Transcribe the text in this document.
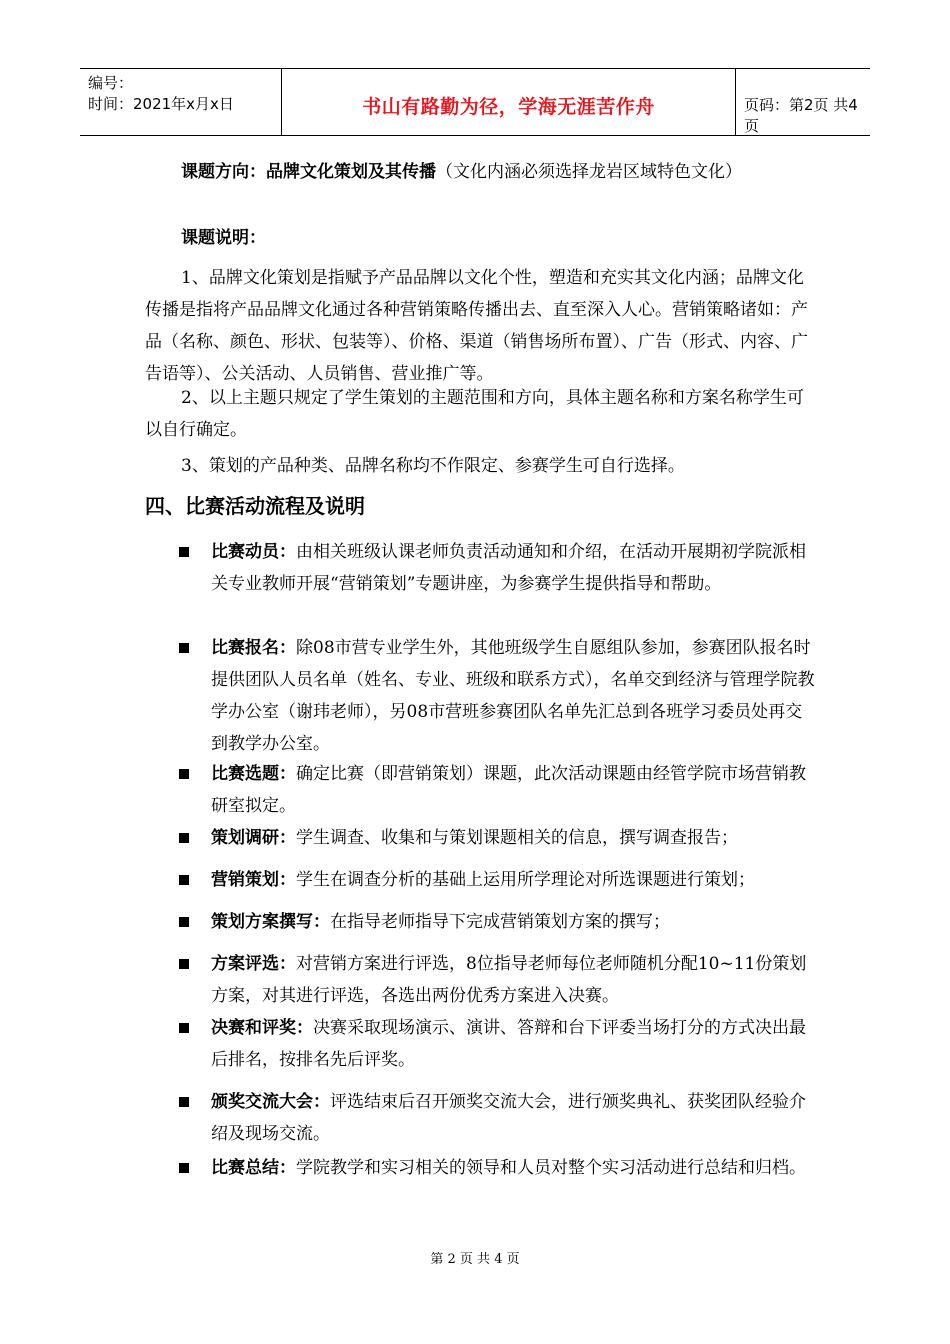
编号：
时间：2021年x月x日	书山有路勤为径，学海无涯苦作舟	页码：第2页 共4页

课题方向：品牌文化策划及其传播（文化内涵必须选择龙岩区域特色文化）

课题说明：

1、品牌文化策划是指赋予产品品牌以文化个性，塑造和充实其文化内涵；品牌文化传播是指将产品品牌文化通过各种营销策略传播出去、直至深入人心。营销策略诸如：产品（名称、颜色、形状、包装等）、价格、渠道（销售场所布置）、广告（形式、内容、广告语等）、公关活动、人员销售、营业推广等。

2、以上主题只规定了学生策划的主题范围和方向，具体主题名称和方案名称学生可以自行确定。

3、策划的产品种类、品牌名称均不作限定、参赛学生可自行选择。

四、比赛活动流程及说明
比赛动员：由相关班级认课老师负责活动通知和介绍，在活动开展期初学院派相关专业教师开展“营销策划”专题讲座，为参赛学生提供指导和帮助。
比赛报名：除08市营专业学生外，其他班级学生自愿组队参加，参赛团队报名时提供团队人员名单（姓名、专业、班级和联系方式），名单交到经济与管理学院教学办公室（谢玮老师），另08市营班参赛团队名单先汇总到各班学习委员处再交到教学办公室。
比赛选题：确定比赛（即营销策划）课题，此次活动课题由经管学院市场营销教研室拟定。
策划调研：学生调查、收集和与策划课题相关的信息，撰写调查报告；
营销策划：学生在调查分析的基础上运用所学理论对所选课题进行策划；
策划方案撰写：在指导老师指导下完成营销策划方案的撰写；
方案评选：对营销方案进行评选，8位指导老师每位老师随机分配10~11份策划方案，对其进行评选，各选出两份优秀方案进入决赛。
决赛和评奖：决赛采取现场演示、演讲、答辩和台下评委当场打分的方式决出最后排名，按排名先后评奖。
颁奖交流大会：评选结束后召开颁奖交流大会，进行颁奖典礼、获奖团队经验介绍及现场交流。
比赛总结：学院教学和实习相关的领导和人员对整个实习活动进行总结和归档。
第 2 页 共 4 页
